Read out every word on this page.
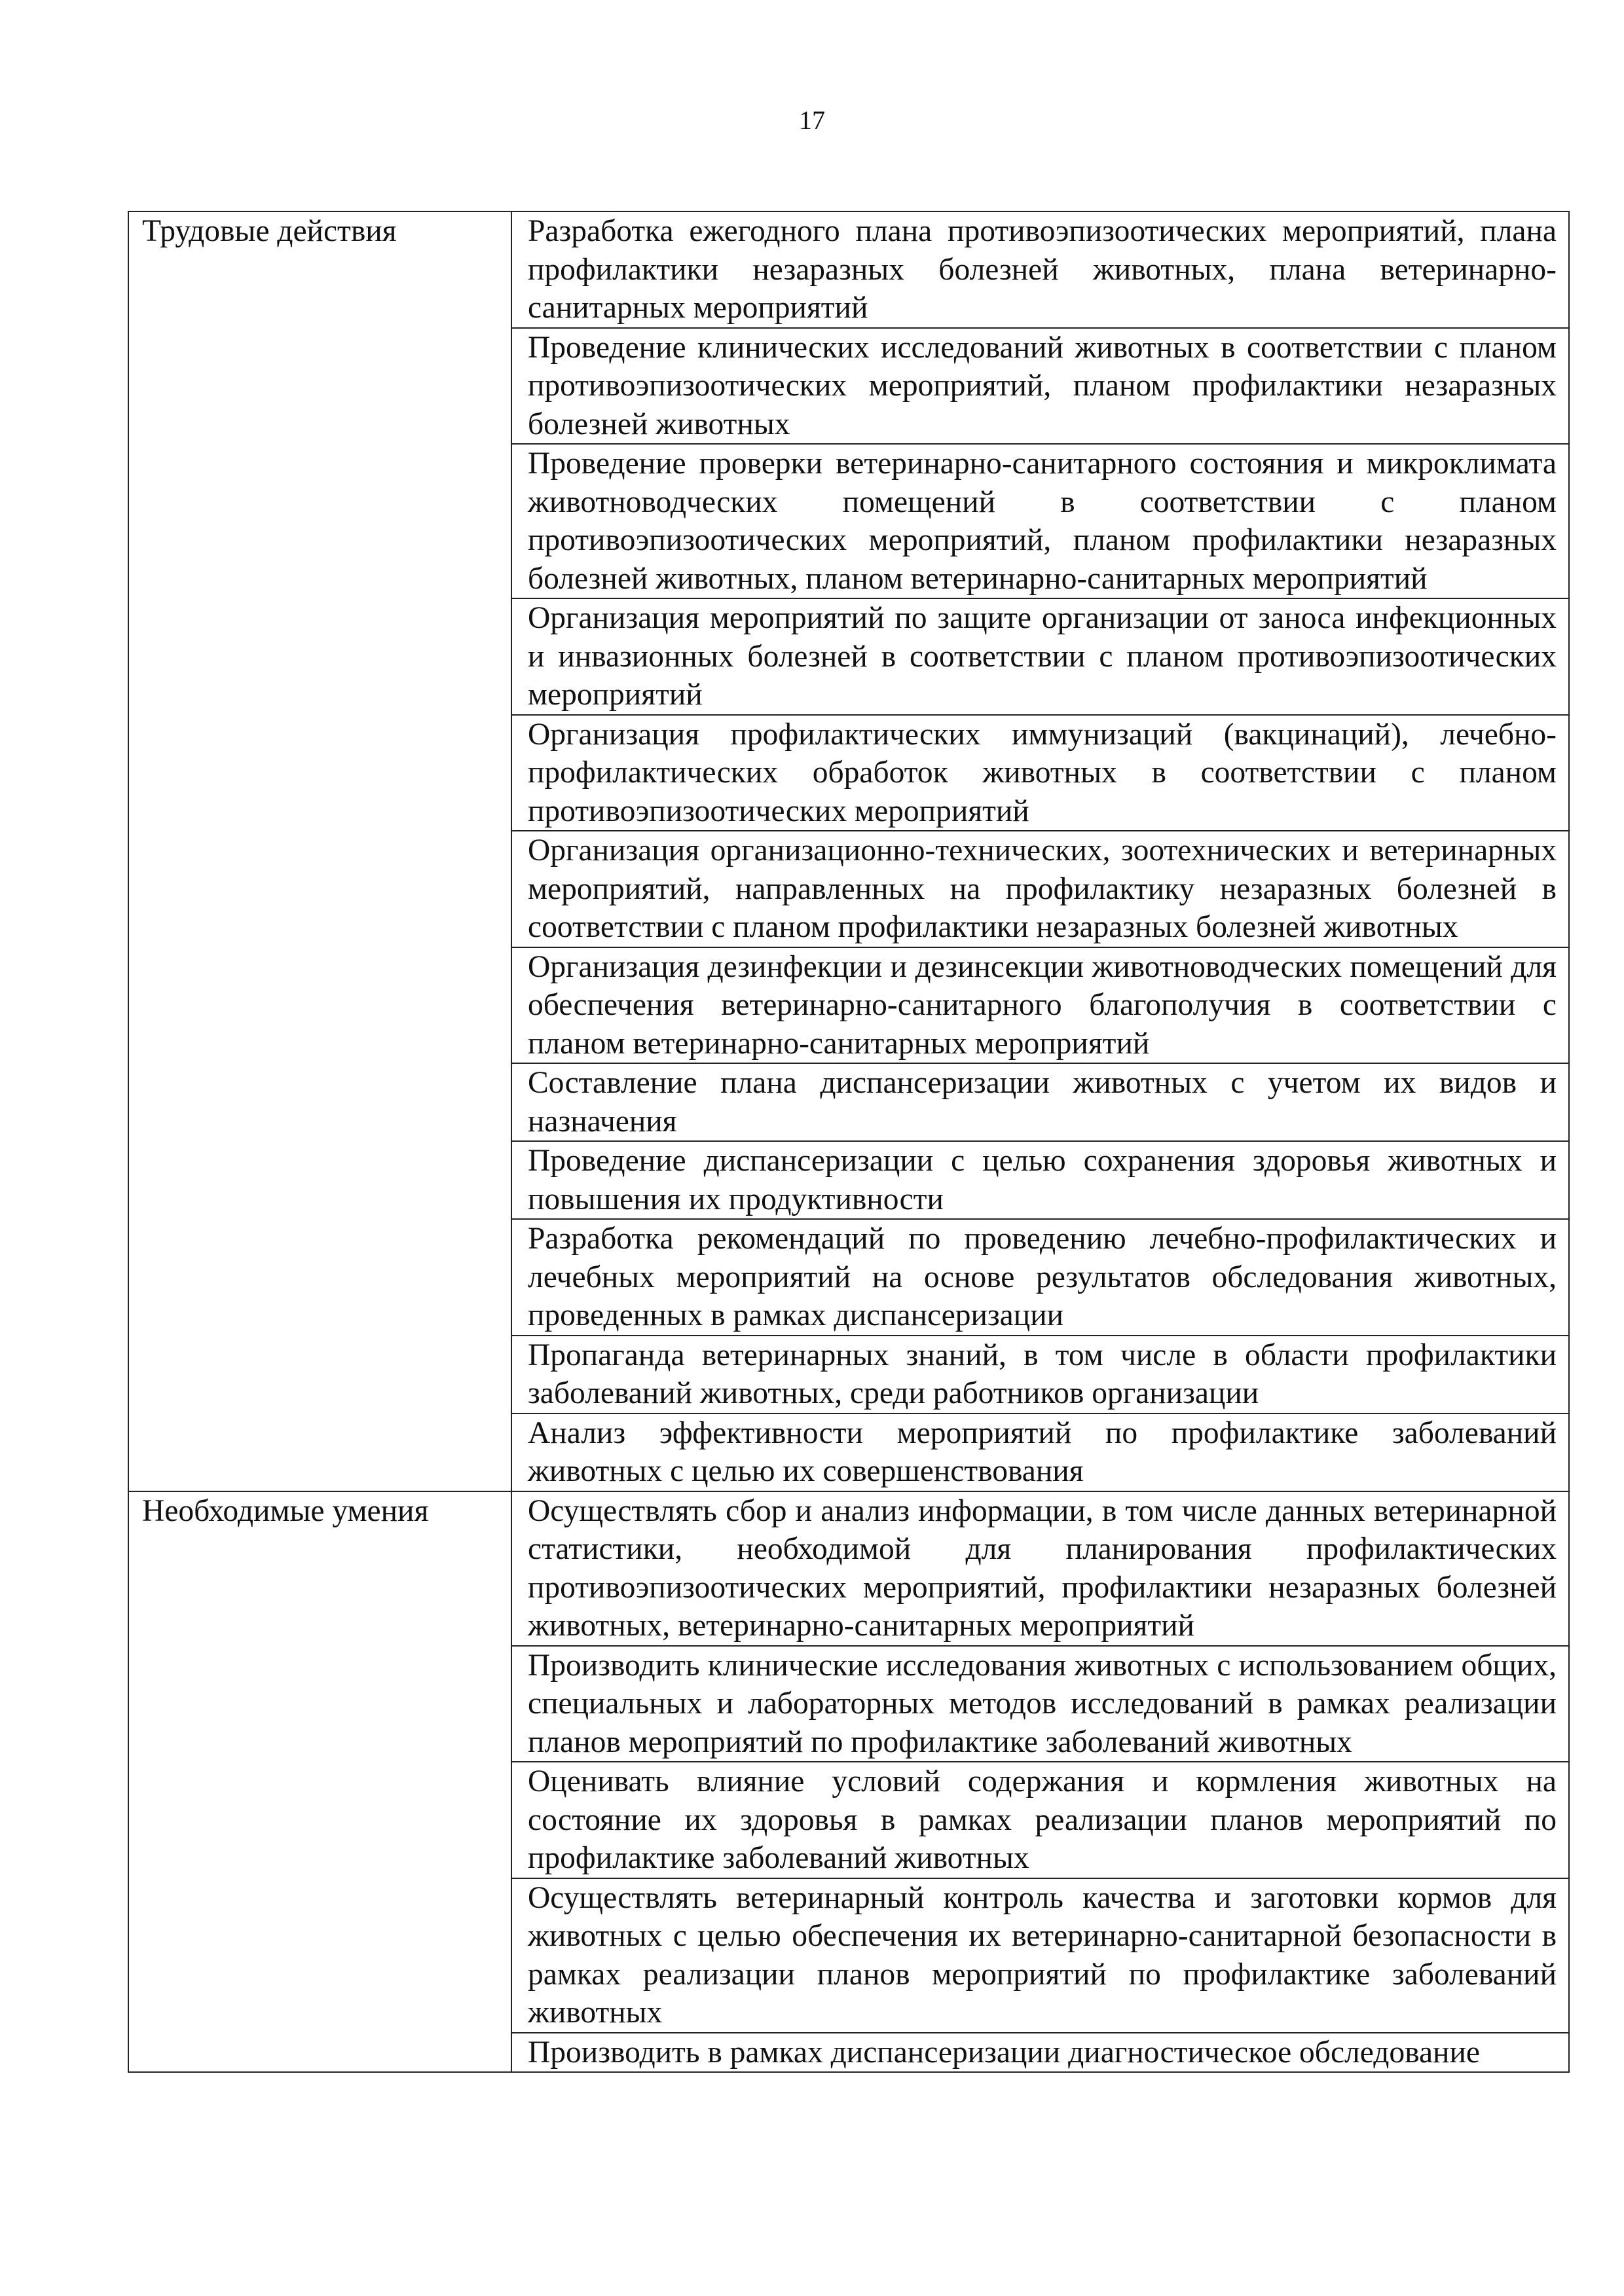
17
Трудовые действия	Разработка ежегодного плана противоэпизоотических мероприятий, плана профилактики незаразных болезней животных, плана ветеринарно-санитарных мероприятий
	Проведение клинических исследований животных в соответствии с планом противоэпизоотических мероприятий, планом профилактики незаразных болезней животных
	Проведение проверки ветеринарно-санитарного состояния и микроклимата животноводческих помещений в соответствии с планом противоэпизоотических мероприятий, планом профилактики незаразных болезней животных, планом ветеринарно-санитарных мероприятий
	Организация мероприятий по защите организации от заноса инфекционных и инвазионных болезней в соответствии с планом противоэпизоотических мероприятий
	Организация профилактических иммунизаций (вакцинаций), лечебно-профилактических обработок животных в соответствии с планом противоэпизоотических мероприятий
	Организация организационно-технических, зоотехнических и ветеринарных мероприятий, направленных на профилактику незаразных болезней в соответствии с планом профилактики незаразных болезней животных
	Организация дезинфекции и дезинсекции животноводческих помещений для обеспечения ветеринарно-санитарного благополучия в соответствии с планом ветеринарно-санитарных мероприятий
	Составление плана диспансеризации животных с учетом их видов и назначения
	Проведение диспансеризации с целью сохранения здоровья животных и повышения их продуктивности
	Разработка рекомендаций по проведению лечебно-профилактических и лечебных мероприятий на основе результатов обследования животных, проведенных в рамках диспансеризации
	Пропаганда ветеринарных знаний, в том числе в области профилактики заболеваний животных, среди работников организации
	Анализ эффективности мероприятий по профилактике заболеваний животных с целью их совершенствования
Необходимые умения	Осуществлять сбор и анализ информации, в том числе данных ветеринарной статистики, необходимой для планирования профилактических противоэпизоотических мероприятий, профилактики незаразных болезней животных, ветеринарно-санитарных мероприятий
	Производить клинические исследования животных с использованием общих, специальных и лабораторных методов исследований в рамках реализации планов мероприятий по профилактике заболеваний животных
	Оценивать влияние условий содержания и кормления животных на состояние их здоровья в рамках реализации планов мероприятий по профилактике заболеваний животных
	Осуществлять ветеринарный контроль качества и заготовки кормов для животных с целью обеспечения их ветеринарно-санитарной безопасности в рамках реализации планов мероприятий по профилактике заболеваний животных
	Производить в рамках диспансеризации диагностическое обследование
